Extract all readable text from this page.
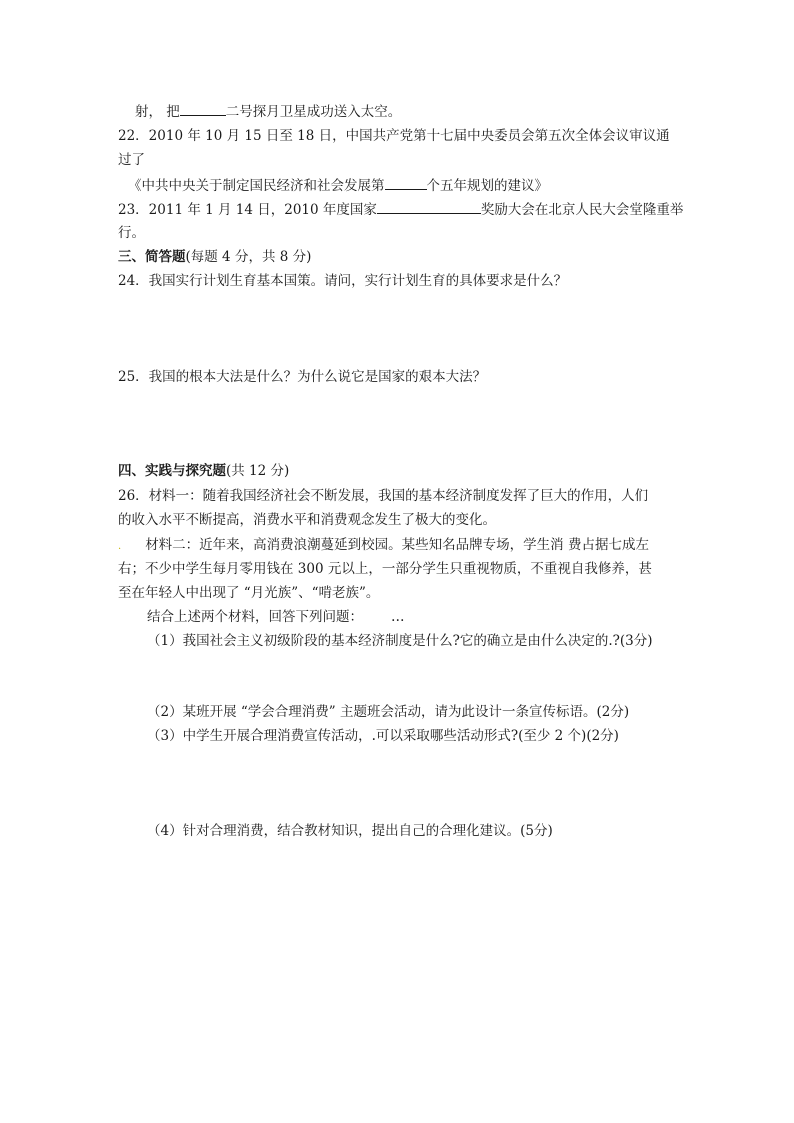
射， 把	二号探月卫星成功送入太空。
22．2010 年 10 月 15 日至 18 日，中国共产党第十七届中央委员会第五次全体会议审议通
过了
《中共中央关于制定国民经济和社会发展第	个五年规划的建议》
23．2011 年 1 月 14 日，2010 年度国家	奖励大会在北京人民大会堂隆重举
行。
三、简答题(每题 4 分，共 8 分)
24．我国实行计划生育基本国策。请问，实行计划生育的具体要求是什么？
25．我国的根本大法是什么？为什么说它是国家的艰本大法？
四、实践与探究题(共 12 分)
26．材料一：随着我国经济社会不断发展，我国的基本经济制度发挥了巨大的作用，人们
的收入水平不断提高，消费水平和消费观念发生了极大的变化。
. 材料二：近年来，高消费浪潮蔓延到校园。某些知名品牌专场，学生消 费占据七成左
右；不少中学生每月零用钱在 300 元以上，一部分学生只重视物质，不重视自我修养，甚
至在年轻人中出现了 “月光族”、“啃老族”。
结合上述两个材料，回答下列问题： …
（1）莪国社会主义初级阶段的基本经济制度是什么?它的确立是由什么决定的.?(3分)
（2）某班开展 “学会合理消费” 主题班会活动，请为此设计一条宣传标语。(2分)
（3）中学生开展合理消费宣传活动，.可以采取哪些活动形式?(至少 2 个)(2分)
（4）针对合理消费，结合教材知识，提出自己的合理化建议。(5分)
